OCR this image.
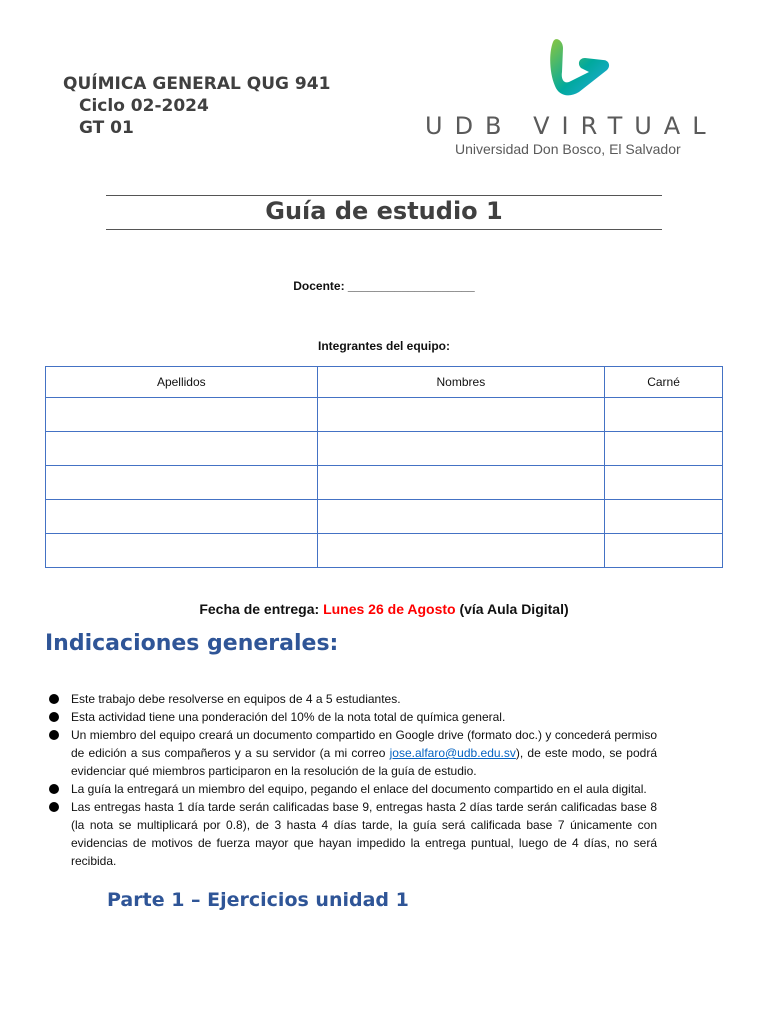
QUÍMICA GENERAL QUG 941
Ciclo 02-2024
GT 01	UDB VIRTUAL
Universidad Don Bosco, El Salvador
Guía de estudio 1
Docente: ___________________
Integrantes del equipo:
Apellidos	Nombres	Carné

Fecha de entrega: Lunes 26 de Agosto (vía Aula Digital)
Indicaciones generales:
Este trabajo debe resolverse en equipos de 4 a 5 estudiantes.
Esta actividad tiene una ponderación del 10% de la nota total de química general.
Un miembro del equipo creará un documento compartido en Google drive (formato doc.) y concederá permiso de edición a sus compañeros y a su servidor (a mi correo jose.alfaro@udb.edu.sv), de este modo, se podrá evidenciar qué miembros participaron en la resolución de la guía de estudio.
La guía la entregará un miembro del equipo, pegando el enlace del documento compartido en el aula digital.
Las entregas hasta 1 día tarde serán calificadas base 9, entregas hasta 2 días tarde serán calificadas base 8 (la nota se multiplicará por 0.8), de 3 hasta 4 días tarde, la guía será calificada base 7 únicamente con evidencias de motivos de fuerza mayor que hayan impedido la entrega puntual, luego de 4 días, no será recibida.
Parte 1 – Ejercicios unidad 1
